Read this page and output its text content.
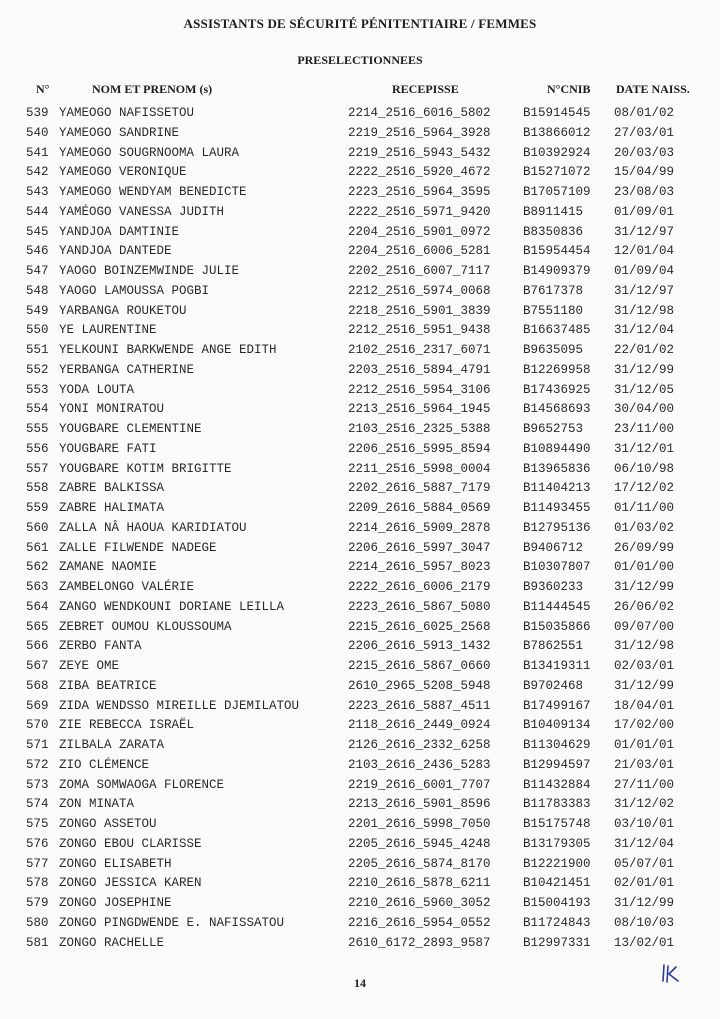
ASSISTANTS DE SÉCURITÉ PÉNITENTIAIRE / FEMMES
PRESELECTIONNEES
N°	NOM ET PRENOM (s)	RECEPISSE	N°CNIB DATE NAISS.
539 YAMEOGO NAFISSETOU	2214_2516_6016_5802	B15914545 08/01/02
540 YAMEOGO SANDRINE	2219_2516_5964_3928	B13866012 27/03/01
541 YAMEOGO SOUGRNOOMA LAURA	2219_2516_5943_5432	B10392924 20/03/03
542 YAMEOGO VERONIQUE	2222_2516_5920_4672	B15271072 15/04/99
543 YAMEOGO WENDYAM BENEDICTE	2223_2516_5964_3595	B17057109 23/08/03
544 YAMÉOGO VANESSA JUDITH	2222_2516_5971_9420	B8911415 01/09/01
545 YANDJOA DAMTINIE	2204_2516_5901_0972	B8350836 31/12/97
546 YANDJOA DANTEDE	2204_2516_6006_5281	B15954454 12/01/04
547 YAOGO BOINZEMWINDE JULIE	2202_2516_6007_7117	B14909379 01/09/04
548 YAOGO LAMOUSSA POGBI	2212_2516_5974_0068	B7617378 31/12/97
549 YARBANGA ROUKETOU	2218_2516_5901_3839	B7551180 31/12/98
550 YE LAURENTINE	2212_2516_5951_9438	B16637485 31/12/04
551 YELKOUNI BARKWENDE ANGE EDITH	2102_2516_2317_6071	B9635095 22/01/02
552 YERBANGA CATHERINE	2203_2516_5894_4791	B12269958 31/12/99
553 YODA LOUTA	2212_2516_5954_3106	B17436925 31/12/05
554 YONI MONIRATOU	2213_2516_5964_1945	B14568693 30/04/00
555 YOUGBARE CLEMENTINE	2103_2516_2325_5388	B9652753 23/11/00
556 YOUGBARE FATI	2206_2516_5995_8594	B10894490 31/12/01
557 YOUGBARE KOTIM BRIGITTE	2211_2516_5998_0004	B13965836 06/10/98
558 ZABRE BALKISSA	2202_2616_5887_7179	B11404213 17/12/02
559 ZABRE HALIMATA	2209_2616_5884_0569	B11493455 01/11/00
560 ZALLA NÂ HAOUA KARIDIATOU	2214_2616_5909_2878	B12795136 01/03/02
561 ZALLE FILWENDE NADEGE	2206_2616_5997_3047	B9406712 26/09/99
562 ZAMANE NAOMIE	2214_2616_5957_8023	B10307807 01/01/00
563 ZAMBELONGO VALÉRIE	2222_2616_6006_2179	B9360233 31/12/99
564 ZANGO WENDKOUNI DORIANE LEILLA	2223_2616_5867_5080	B11444545 26/06/02
565 ZEBRET OUMOU KLOUSSOUMA	2215_2616_6025_2568	B15035866 09/07/00
566 ZERBO FANTA	2206_2616_5913_1432	B7862551 31/12/98
567 ZEYE OME	2215_2616_5867_0660	B13419311 02/03/01
568 ZIBA BEATRICE	2610_2965_5208_5948	B9702468 31/12/99
569 ZIDA WENDSSO MIREILLE DJEMILATOU	2223_2616_5887_4511	B17499167 18/04/01
570 ZIE REBECCA ISRAËL	2118_2616_2449_0924	B10409134 17/02/00
571 ZILBALA ZARATA	2126_2616_2332_6258	B11304629 01/01/01
572 ZIO CLÉMENCE	2103_2616_2436_5283	B12994597 21/03/01
573 ZOMA SOMWAOGA FLORENCE	2219_2616_6001_7707	B11432884 27/11/00
574 ZON MINATA	2213_2616_5901_8596	B11783383 31/12/02
575 ZONGO ASSETOU	2201_2616_5998_7050	B15175748 03/10/01
576 ZONGO EBOU CLARISSE	2205_2616_5945_4248	B13179305 31/12/04
577 ZONGO ELISABETH	2205_2616_5874_8170	B12221900 05/07/01
578 ZONGO JESSICA KAREN	2210_2616_5878_6211	B10421451 02/01/01
579 ZONGO JOSEPHINE	2210_2616_5960_3052	B15004193 31/12/99
580 ZONGO PINGDWENDE E. NAFISSATOU	2216_2616_5954_0552	B11724843 08/10/03
581 ZONGO RACHELLE	2610_6172_2893_9587	B12997331 13/02/01
14
